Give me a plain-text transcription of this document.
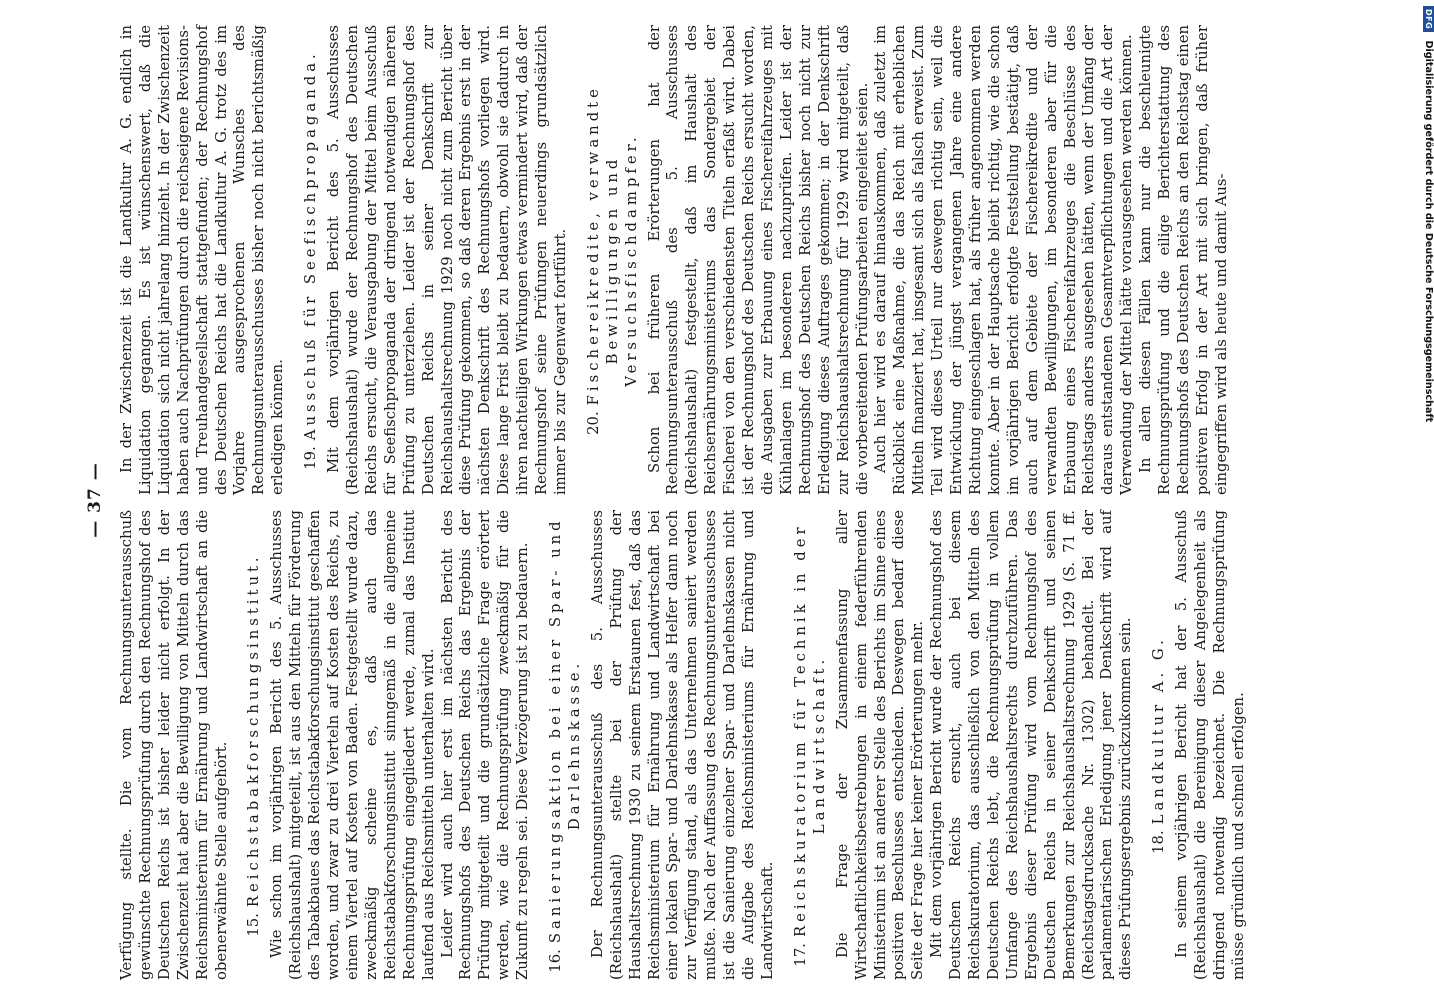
— 37 —

Verfügung stellte. Die vom Rechnungsunterausschuß gewünschte Rechnungsprüfung durch den Rechnungshof des Deutschen Reichs ist bisher leider nicht erfolgt. In der Zwischenzeit hat aber die Bewilligung von Mitteln durch das Reichsministerium für Ernährung und Landwirtschaft an die obenerwähnte Stelle aufgehört. 15.Reichstabakforschungsinstitut. Wie schon im vorjährigen Bericht des 5. Ausschusses (Reichshaushalt) mitgeteilt, ist aus den Mitteln für Förderung des Tabakbaues das Reichstabakforschungsinstitut geschaffen worden, und zwar zu drei Vierteln auf Kosten des Reichs, zu einem Viertel auf Kosten von Baden. Festgestellt wurde dazu, zweckmäßig scheine es, daß auch das Reichstabakforschungsinstitut sinngemäß in die allgemeine Rechnungsprüfung eingegliedert werde, zumal das Institut laufend aus Reichsmitteln unterhalten wird. Leider wird auch hier erst im nächsten Bericht des Rechnungshofs des Deutschen Reichs das Ergebnis der Prüfung mitgeteilt und die grundsätzliche Frage erörtert werden, wie die Rechnungsprüfung zweckmäßig für die Zukunft zu regeln sei. Diese Verzögerung ist zu bedauern. 16.Sanierungsaktion bei einer Spar- und Darlehnskasse. Der Rechnungsunterausschuß des 5. Ausschusses (Reichshaushalt) stellte bei der Prüfung der Haushaltsrechnung 1930 zu seinem Erstaunen fest, daß das Reichsministerium für Ernährung und Landwirtschaft bei einer lokalen Spar- und Darlehnskasse als Helfer dann noch zur Verfügung stand, als das Unternehmen saniert werden mußte. Nach der Auffassung des Rechnungsunterausschusses ist die Sanierung einzelner Spar- und Darlehnskassen nicht die Aufgabe des Reichsministeriums für Ernährung und Landwirtschaft. 17.Reichskuratorium für Technik in der Landwirtschaft. Die Frage der Zusammenfassung aller Wirtschaftlichkeitsbestrebungen in einem federführenden Ministerium ist an anderer Stelle des Berichts im Sinne eines positiven Beschlusses entschieden. Deswegen bedarf diese Seite der Frage hier keiner Erörterungen mehr. Mit dem vorjährigen Bericht wurde der Rechnungshof des Deutschen Reichs ersucht, auch bei diesem Reichskuratorium, das ausschließlich von den Mitteln des Deutschen Reichs lebt, die Rechnungsprüfung in vollem Umfange des Reichshaushaltsrechts durchzuführen. Das Ergebnis dieser Prüfung wird vom Rechnungshof des Deutschen Reichs in seiner Denkschrift und seinen Bemerkungen zur Reichshaushaltsrechnung 1929 (S. 71 ff. (Reichstagsdrucksache Nr. 1302) behandelt. Bei der parlamentarischen Erledigung jener Denkschrift wird auf dieses Prüfungsergebnis zurückzukommen sein. 18.Landkultur A. G. In seinem vorjährigen Bericht hat der 5. Ausschuß (Reichshaushalt) die Bereinigung dieser Angelegenheit als dringend notwendig bezeichnet. Die Rechnungsprüfung müsse gründlich und schnell erfolgen.

In der Zwischenzeit ist die Landkultur A. G. endlich in Liquidation gegangen. Es ist wünschenswert, daß die Liquidation sich nicht jahrelang hinzieht. In der Zwischenzeit haben auch Nachprüfungen durch die reichseigene Revisions- und Treuhandgesellschaft stattgefunden; der Rechnungshof des Deutschen Reichs hat die Landkultur A. G. trotz des im Vorjahre ausgesprochenen Wunsches des Rechnungsunterausschusses bisher noch nicht berichtsmäßig erledigen können. 19.Ausschuß für Seefischpropaganda. Mit dem vorjährigen Bericht des 5. Ausschusses (Reichshaushalt) wurde der Rechnungshof des Deutschen Reichs ersucht, die Verausgabung der Mittel beim Ausschuß für Seefischpropaganda der dringend notwendigen näheren Prüfung zu unterziehen. Leider ist der Rechnungshof des Deutschen Reichs in seiner Denkschrift zur Reichshaushaltsrechnung 1929 noch nicht zum Bericht über diese Prüfung gekommen, so daß deren Ergebnis erst in der nächsten Denkschrift des Rechnungshofs vorliegen wird. Diese lange Frist bleibt zu bedauern, obwohl sie dadurch in ihren nachteiligen Wirkungen etwas vermindert wird, daß der Rechnungshof seine Prüfungen neuerdings grundsätzlich immer bis zur Gegenwart fortführt. 20.Fischereikredite, verwandte Bewilligungen und Versuchsfischdampfer. Schon bei früheren Erörterungen hat der Rechnungsunterausschuß des 5. Ausschusses (Reichshaushalt) festgestellt, daß im Haushalt des Reichsernährungsministeriums das Sondergebiet der Fischerei von den verschiedensten Titeln erfaßt wird. Dabei ist der Rechnungshof des Deutschen Reichs ersucht worden, die Ausgaben zur Erbauung eines Fischereifahrzeuges mit Kühlanlagen im besonderen nachzuprüfen. Leider ist der Rechnungshof des Deutschen Reichs bisher noch nicht zur Erledigung dieses Auftrages gekommen; in der Denkschrift zur Reichshaushaltsrechnung für 1929 wird mitgeteilt, daß die vorbereitenden Prüfungsarbeiten eingeleitet seien. Auch hier wird es darauf hinauskommen, daß zuletzt im Rückblick eine Maßnahme, die das Reich mit erheblichen Mitteln finanziert hat, insgesamt sich als falsch erweist. Zum Teil wird dieses Urteil nur deswegen richtig sein, weil die Entwicklung der jüngst vergangenen Jahre eine andere Richtung eingeschlagen hat, als früher angenommen werden konnte. Aber in der Hauptsache bleibt richtig, wie die schon im vorjährigen Bericht erfolgte Feststellung bestätigt, daß auch auf dem Gebiete der Fischereikredite und der verwandten Bewilligungen, im besonderen aber für die Erbauung eines Fischereifahrzeuges die Beschlüsse des Reichstags anders ausgesehen hätten, wenn der Umfang der daraus entstandenen Gesamtverpflichtungen und die Art der Verwendung der Mittel hätte vorausgesehen werden können. In allen diesen Fällen kann nur die beschleunigte Rechnungsprüfung und die eilige Berichterstattung des Rechnungshofs des Deutschen Reichs an den Reichstag einen positiven Erfolg in der Art mit sich bringen, daß früher eingegriffen wird als heute und damit Aus-

DFG Digitalisierung gefördert durch die Deutsche Forschungsgemeinschaft
